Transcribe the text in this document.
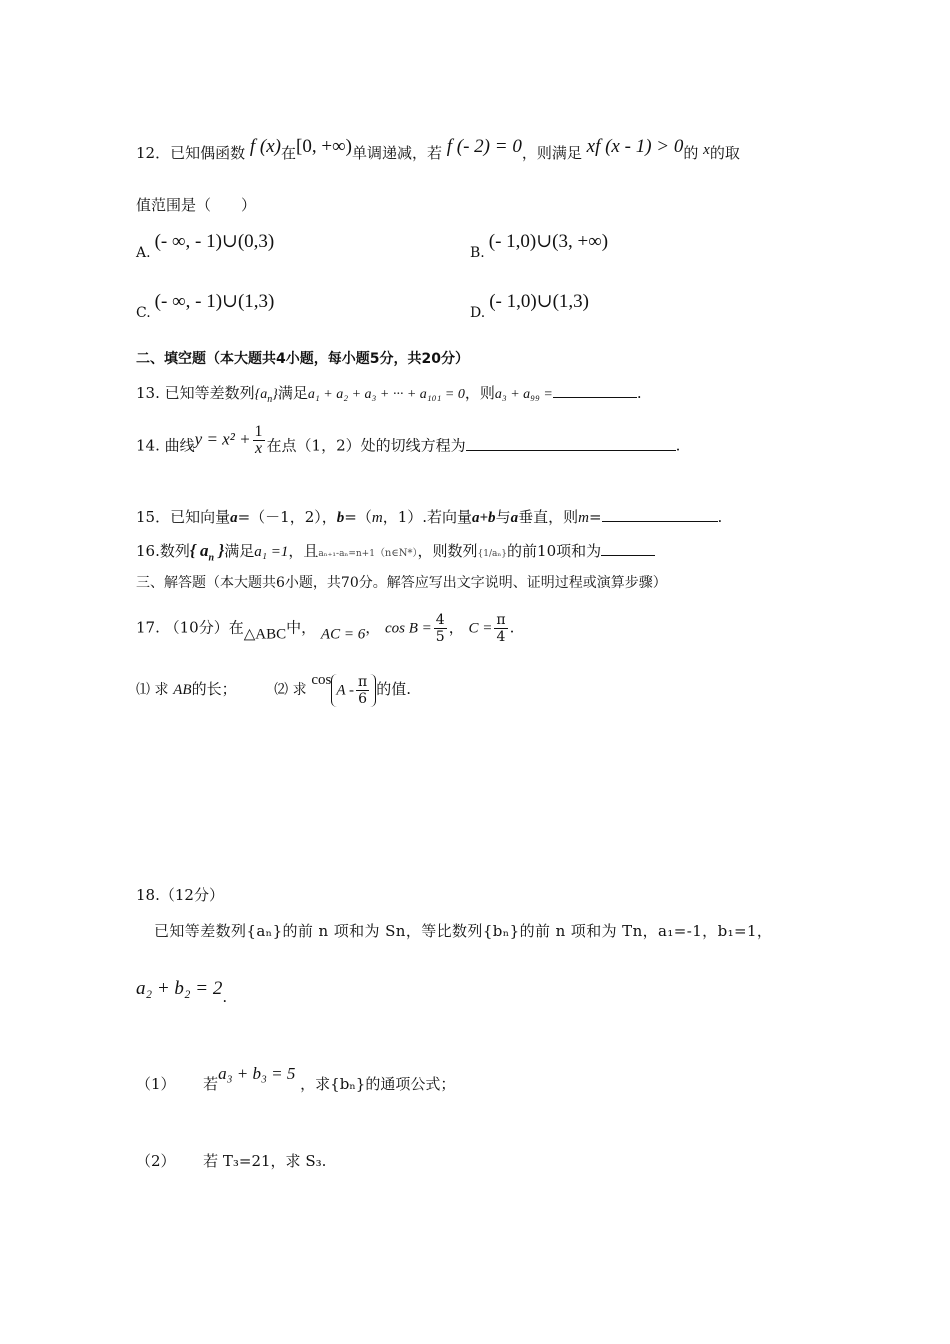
12．已知偶函数 f (x)在[0, +∞)单调递减，若 f (- 2) = 0，则满足 xf (x - 1) > 0的 x的取
值范围是（　　）
A.(- ∞, - 1)∪(0,3)
B.(- 1,0)∪(3, +∞)
C.(- ∞, - 1)∪(1,3)
D.(- 1,0)∪(1,3)
二、填空题（本大题共4小题，每小题5分，共20分）
13. 已知等差数列$\{a_n\}$满足a₁ + a₂ + a₃ + ··· + a₁₀₁ = 0，则a₃ + a₉₉ =	.
14. 曲线$y = x^2 + \frac{1}{x}$ 在点（1，2）处的切线方程为	.
15．已知向量a=（－1，2），b=（m，1）.若向量a+b与a垂直，则m=	.
16.数列{ $a_n$ }满足a₁ =1，且aₙ₊₁-aₙ=n+1（n∈N*），则数列{1/aₙ}的前10项和为
三、解答题（本大题共6小题，共70分。解答应写出文字说明、证明过程或演算步骤）
17. （10分）在△ABC中， AC = 6， $\cos B = \frac{4}{5}$ ， $C = \frac{\pi}{4}$ .
⑴ 求 AB的长；	⑵ 求 cosA - $\frac{\pi}{6}$ 的值.
18.（12分）
已知等差数列{aₙ}的前 n 项和为 Sn，等比数列{bₙ}的前 n 项和为 Tn，a₁=-1，b₁=1，
a₂ + b₂ = 2.
（1） 若a₃ + b₃ = 5 ，求{bₙ}的通项公式；
（2） 若 T₃=21，求 S₃.
